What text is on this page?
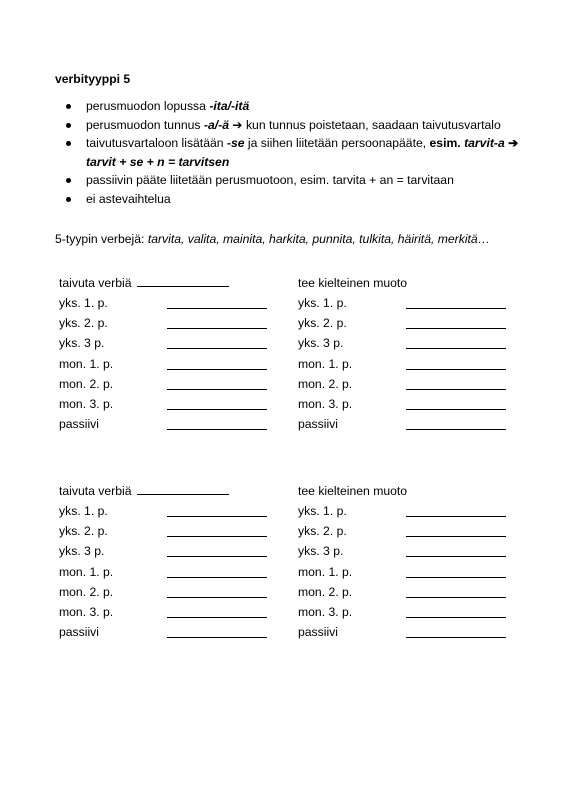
verbityyppi 5
perusmuodon lopussa -ita/-itä
perusmuodon tunnus -a/-ä ➔ kun tunnus poistetaan, saadaan taivutusvartalo
taivutusvartaloon lisätään -se ja siihen liitetään persoonapääte, esim. tarvit-a ➔
tarvit + se + n = tarvitsen
passiivin pääte liitetään perusmuotoon, esim. tarvita + an = tarvitaan
ei astevaihtelua
5-tyypin verbejä: tarvita, valita, mainita, harkita, punnita, tulkita, häiritä, merkitä…
taivuta verbiä
yks. 1. p.
yks. 2. p.
yks. 3 p.
mon. 1. p.
mon. 2. p.
mon. 3. p.
passiivi
tee kielteinen muoto
yks. 1. p.
yks. 2. p.
yks. 3 p.
mon. 1. p.
mon. 2. p.
mon. 3. p.
passiivi
taivuta verbiä
yks. 1. p.
yks. 2. p.
yks. 3 p.
mon. 1. p.
mon. 2. p.
mon. 3. p.
passiivi
tee kielteinen muoto
yks. 1. p.
yks. 2. p.
yks. 3 p.
mon. 1. p.
mon. 2. p.
mon. 3. p.
passiivi
